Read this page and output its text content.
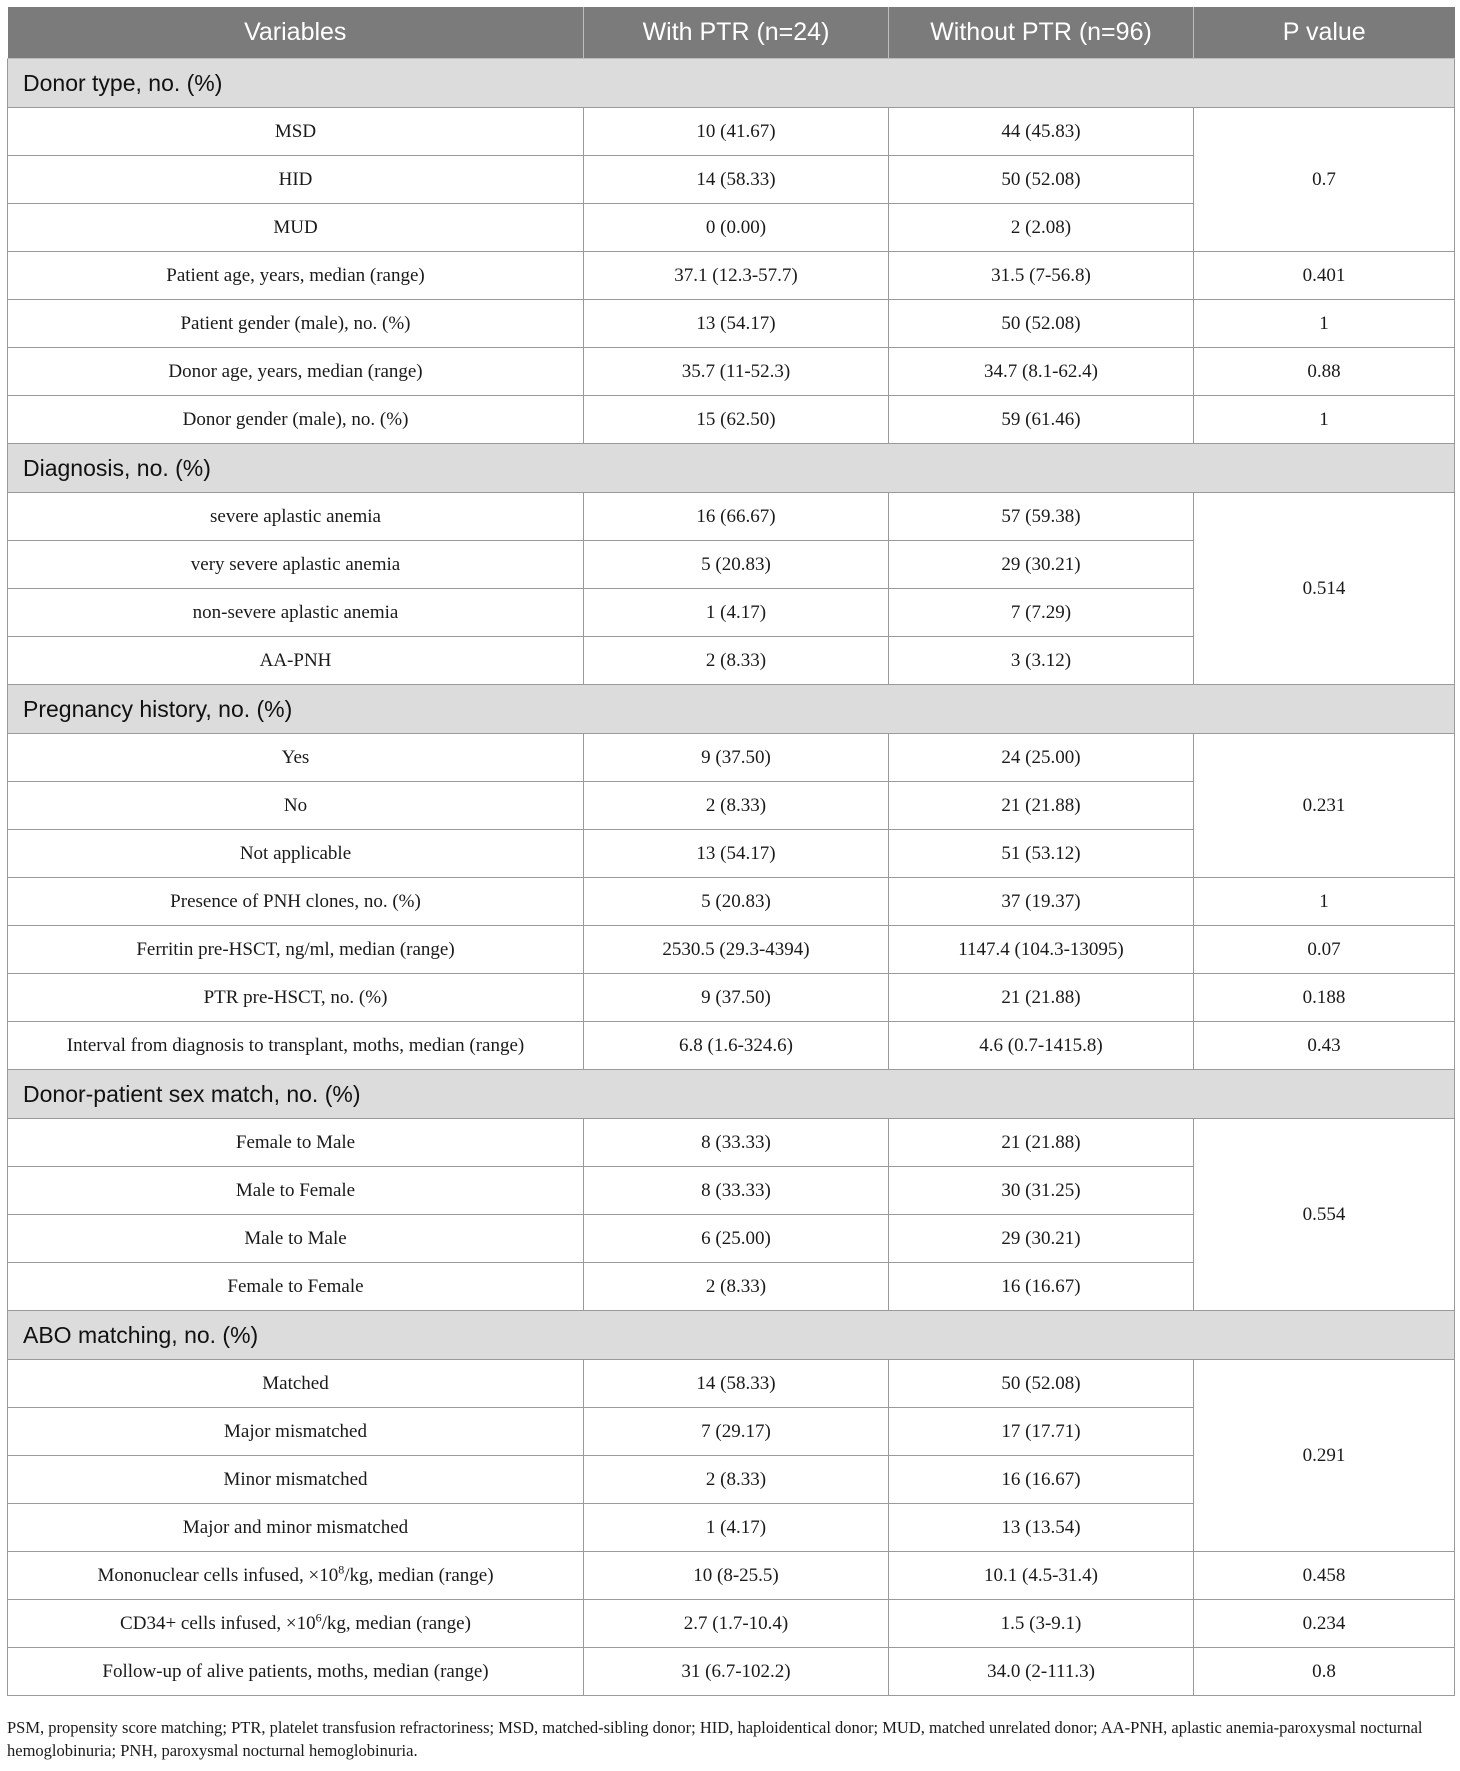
Variables	With PTR (n=24)	Without PTR (n=96)	P value
Donor type, no. (%)			
MSD	10 (41.67)	44 (45.83)	0.7
HID	14 (58.33)	50 (52.08)	
MUD	0 (0.00)	2 (2.08)	
Patient age, years, median (range)	37.1 (12.3-57.7)	31.5 (7-56.8)	0.401
Patient gender (male), no. (%)	13 (54.17)	50 (52.08)	1
Donor age, years, median (range)	35.7 (11-52.3)	34.7 (8.1-62.4)	0.88
Donor gender (male), no. (%)	15 (62.50)	59 (61.46)	1
Diagnosis, no. (%)			
severe aplastic anemia	16 (66.67)	57 (59.38)	0.514
very severe aplastic anemia	5 (20.83)	29 (30.21)	
non-severe aplastic anemia	1 (4.17)	7 (7.29)	
AA-PNH	2 (8.33)	3 (3.12)	
Pregnancy history, no. (%)			
Yes	9 (37.50)	24 (25.00)	0.231
No	2 (8.33)	21 (21.88)	
Not applicable	13 (54.17)	51 (53.12)	
Presence of PNH clones, no. (%)	5 (20.83)	37 (19.37)	1
Ferritin pre-HSCT, ng/ml, median (range)	2530.5 (29.3-4394)	1147.4 (104.3-13095)	0.07
PTR pre-HSCT, no. (%)	9 (37.50)	21 (21.88)	0.188
Interval from diagnosis to transplant, moths, median (range)	6.8 (1.6-324.6)	4.6 (0.7-1415.8)	0.43
Donor-patient sex match, no. (%)			
Female to Male	8 (33.33)	21 (21.88)	0.554
Male to Female	8 (33.33)	30 (31.25)	
Male to Male	6 (25.00)	29 (30.21)	
Female to Female	2 (8.33)	16 (16.67)	
ABO matching, no. (%)			
Matched	14 (58.33)	50 (52.08)	0.291
Major mismatched	7 (29.17)	17 (17.71)	
Minor mismatched	2 (8.33)	16 (16.67)	
Major and minor mismatched	1 (4.17)	13 (13.54)	
Mononuclear cells infused, $\times 10^8/kg$, median (range)	10 (8-25.5)	10.1 (4.5-31.4)	0.458
CD34+ cells infused, $\times 10^6/kg$, median (range)	2.7 (1.7-10.4)	1.5 (3-9.1)	0.234
Follow-up of alive patients, moths, median (range)	31 (6.7-102.2)	34.0 (2-111.3)	0.8

PSM, propensity score matching; PTR, platelet transfusion refractoriness; MSD, matched-sibling donor; HID, haploidentical donor; MUD, matched unrelated donor; AA-PNH, aplastic anemia-paroxysmal nocturnal hemoglobinuria; PNH, paroxysmal nocturnal hemoglobinuria.
